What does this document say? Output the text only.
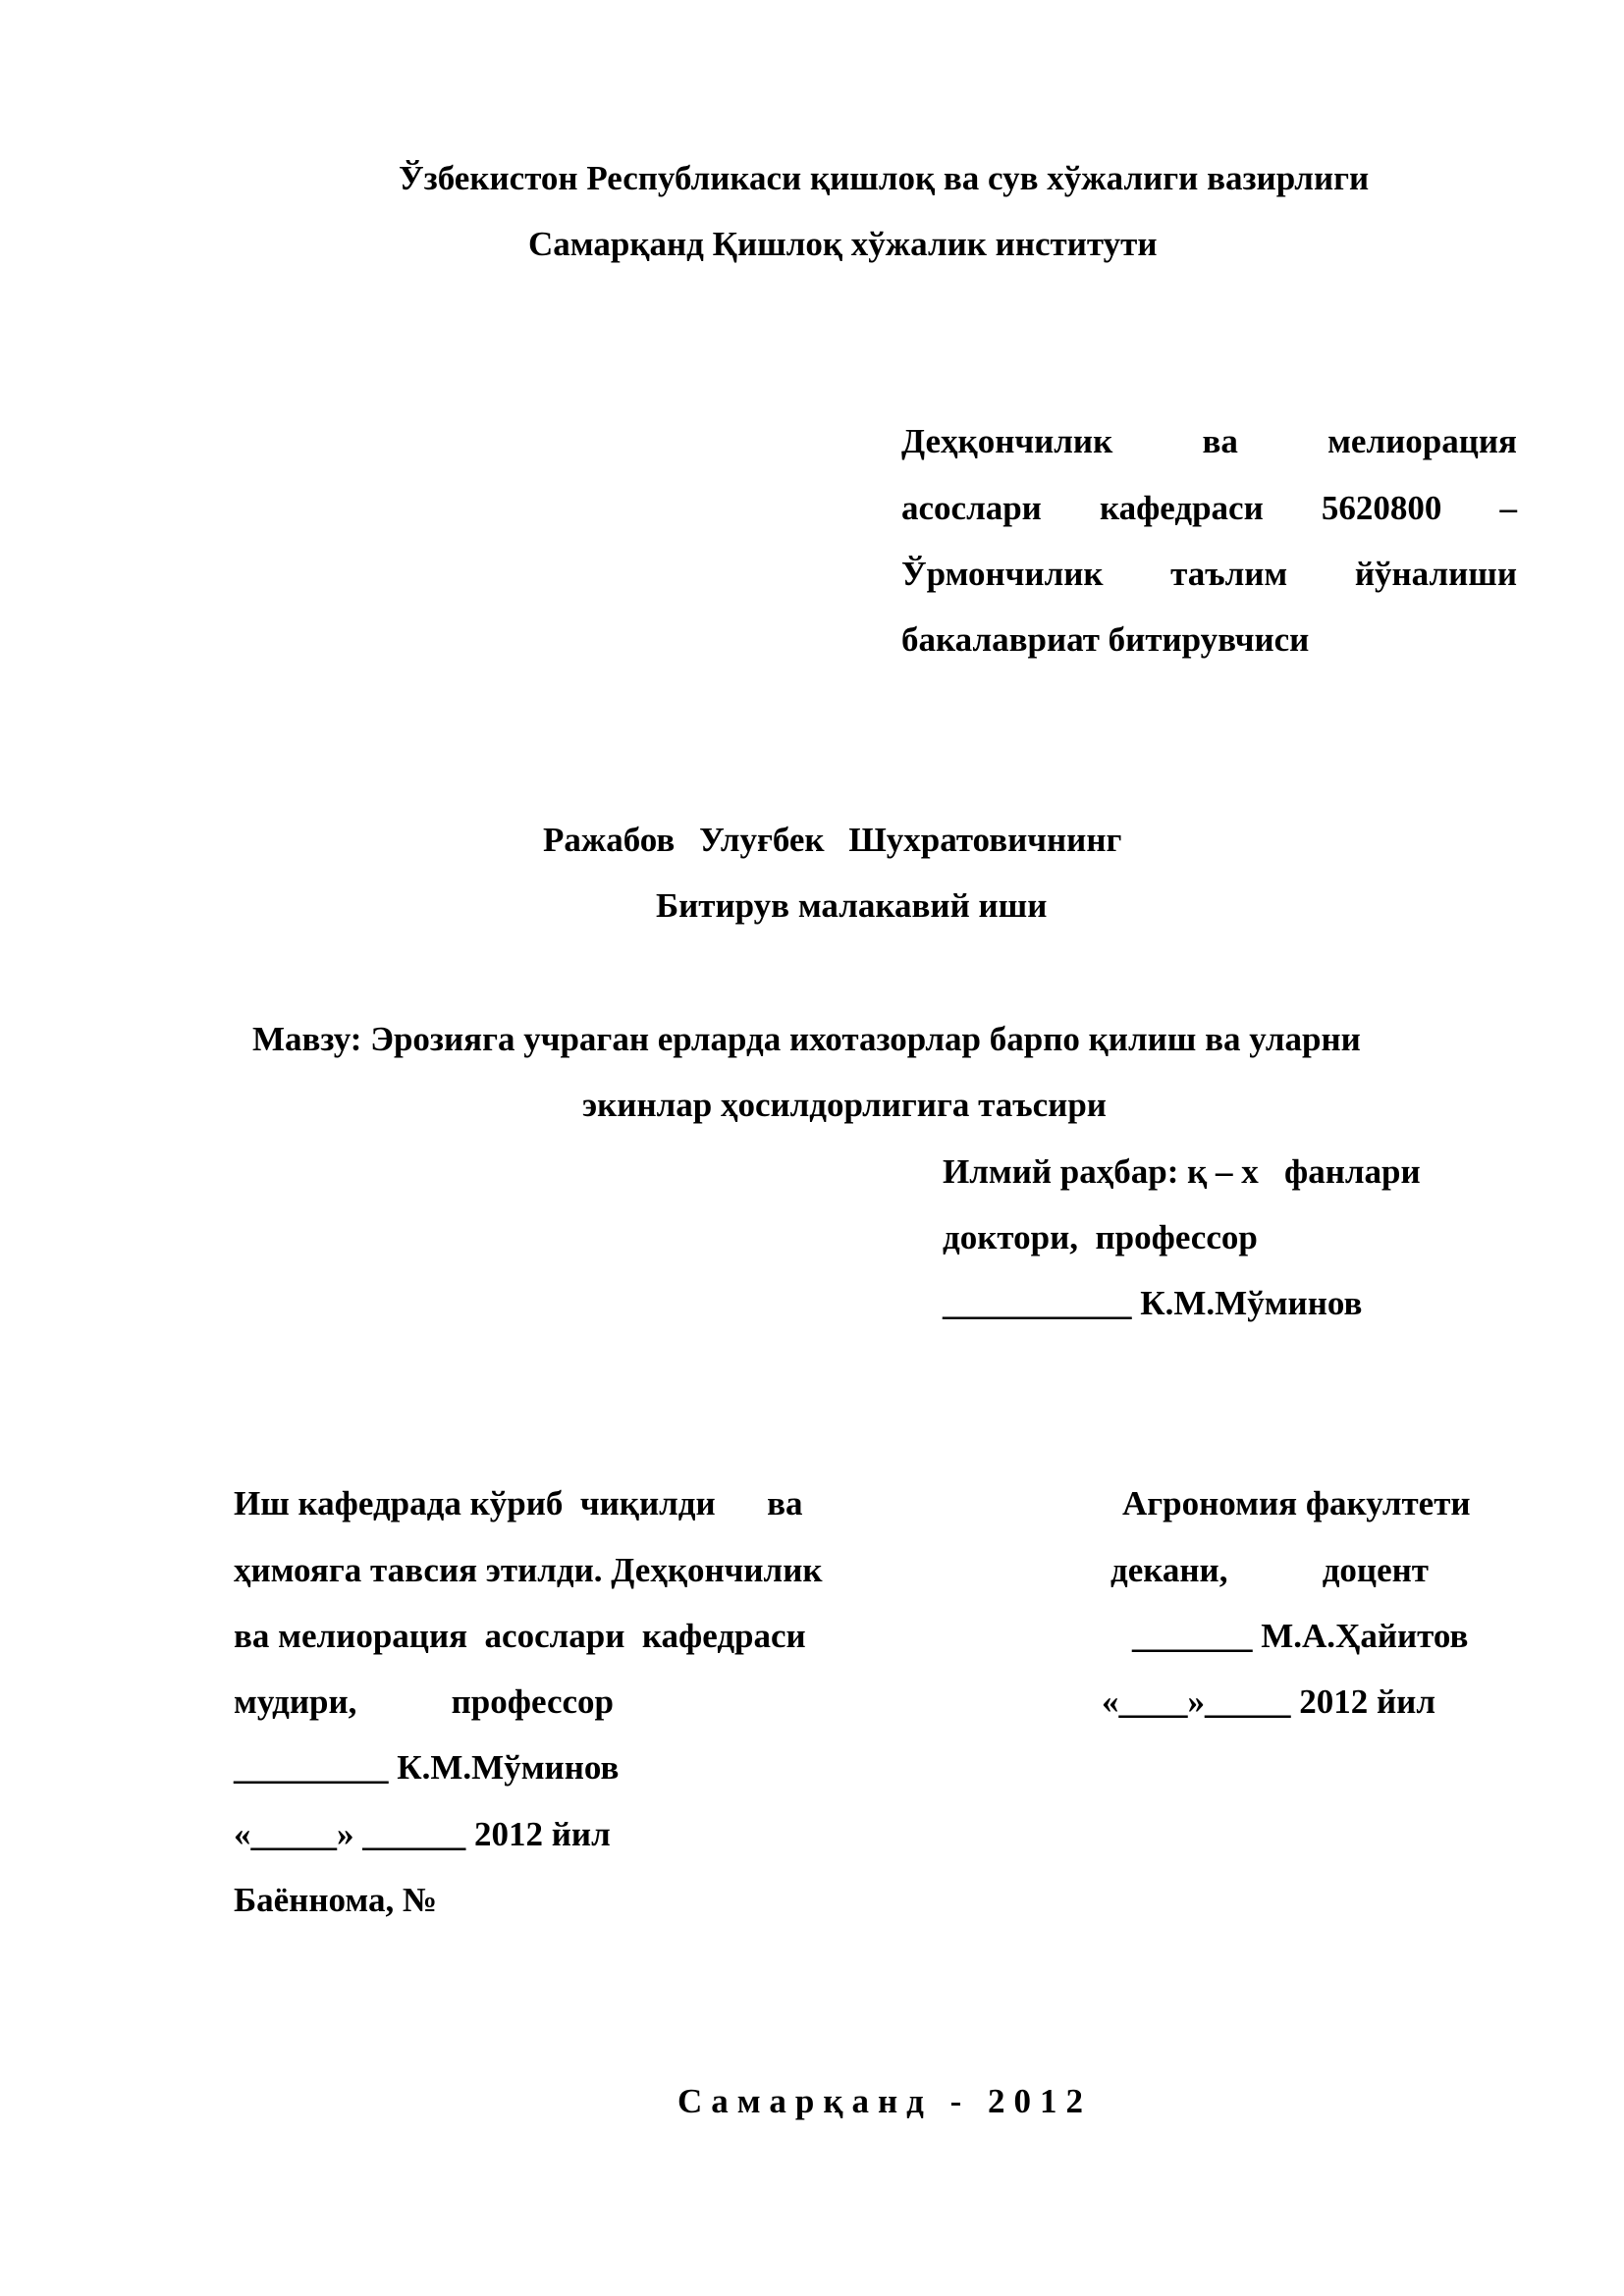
Ўзбекистон Республикаси қишлоқ ва сув хўжалиги вазирлиги
Самарқанд Қишлоқ хўжалик институти
Деҳқончилик ва мелиорация
асослари кафедраси 5620800 –
Ўрмончилик таълим йўналиши
бакалавриат битирувчиси
Ражабов Улуғбек Шухратовичнинг
Битирув малакавий иши
Мавзу: Эрозияга учраган ерларда ихотазорлар барпо қилиш ва уларни
экинлар ҳосилдорлигига таъсири
Илмий раҳбар: қ – х   фанлари
доктори,  профессор
___________ К.М.Мўминов
Иш кафедрада кўриб  чиқилди      ва
ҳимояга тавсия этилди. Деҳқончилик
ва мелиорация  асослари  кафедраси
мудири,           профессор
_________ К.М.Мўминов
«_____» ______ 2012 йил
Баённома, №
Агрономия факултети
декани,           доцент
_______ М.А.Ҳайитов
«____»_____ 2012 йил
Самарқанд - 2012
